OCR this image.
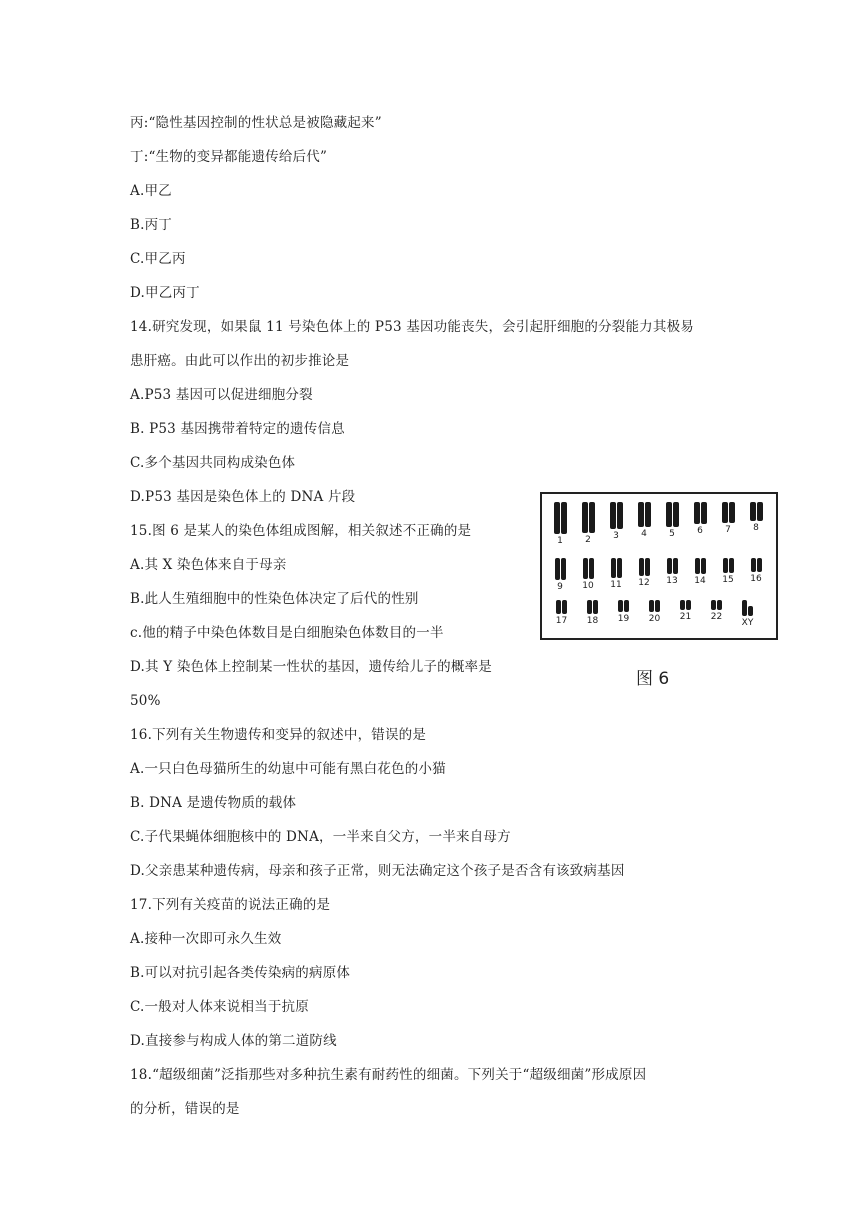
丙:“隐性基因控制的性状总是被隐藏起来”
丁:“生物的变异都能遗传给后代”
A.甲乙
B.丙丁
C.甲乙丙
D.甲乙丙丁
14.研究发现，如果鼠 11 号染色体上的 P53 基因功能丧失，会引起肝细胞的分裂能力其极易
患肝癌。由此可以作出的初步推论是
A.P53 基因可以促进细胞分裂
B. P53 基因携带着特定的遗传信息
C.多个基因共同构成染色体
D.P53 基因是染色体上的 DNA 片段
15.图 6 是某人的染色体组成图解，相关叙述不正确的是
A.其 X 染色体来自于母亲
B.此人生殖细胞中的性染色体决定了后代的性别
c.他的精子中染色体数目是白细胞染色体数目的一半
D.其 Y 染色体上控制某一性状的基因，遗传给儿子的概率是
50%
16.下列有关生物遗传和变异的叙述中，错误的是
A.一只白色母猫所生的幼崽中可能有黑白花色的小猫
B. DNA 是遗传物质的载体
C.子代果蝇体细胞核中的 DNA，一半来自父方，一半来自母方
D.父亲患某种遗传病，母亲和孩子正常，则无法确定这个孩子是否含有该致病基因
17.下列有关疫苗的说法正确的是
A.接种一次即可永久生效
B.可以对抗引起各类传染病的病原体
C.一般对人体来说相当于抗原
D.直接参与构成人体的第二道防线
18.“超级细菌”泛指那些对多种抗生素有耐药性的细菌。下列关于“超级细菌”形成原因
的分析，错误的是
1 2 3 4 5 6 7 8
9 10 11 12 13 14 15 16
17 18 19 20 21 22
XY
图 6
